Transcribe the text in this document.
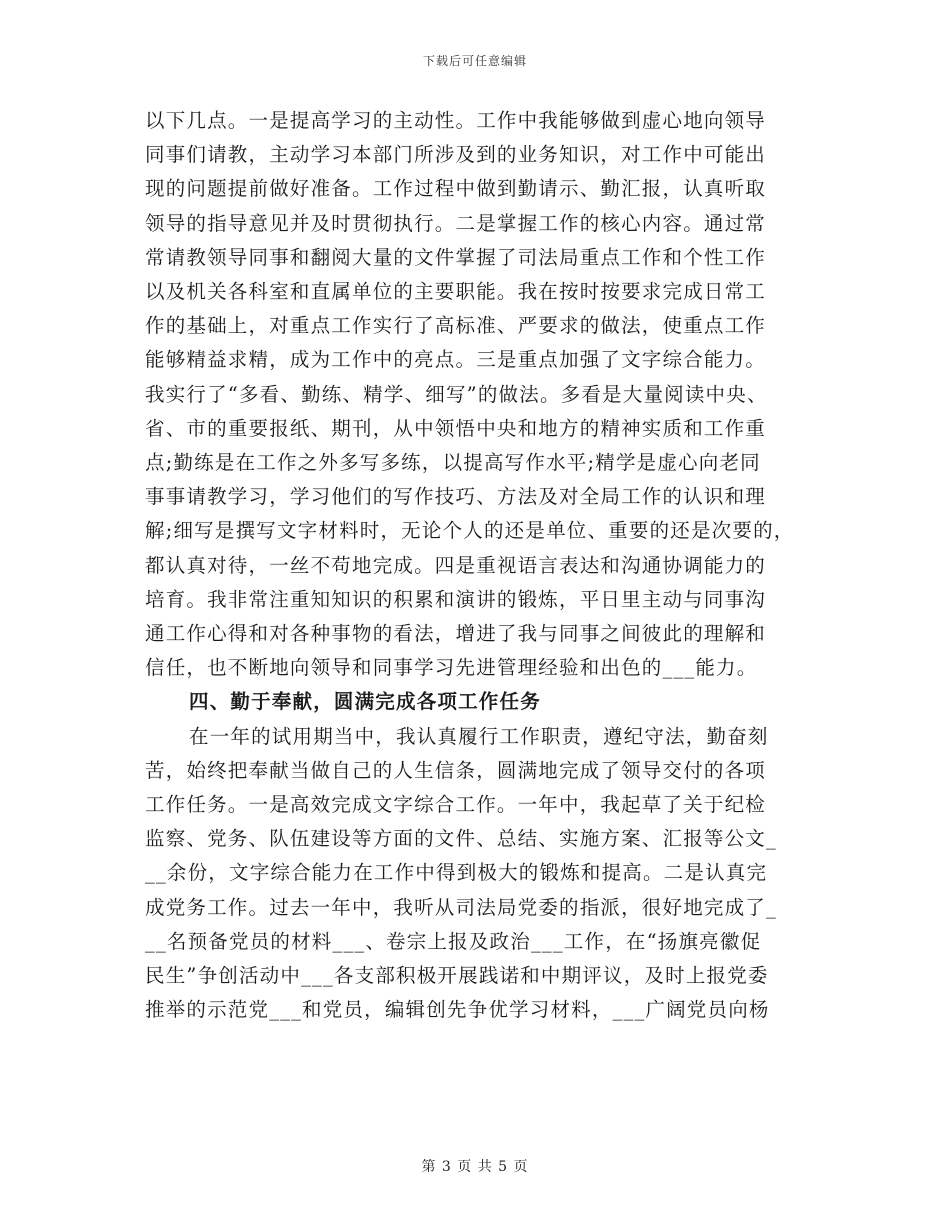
下载后可任意编辑

以下几点。一是提高学习的主动性。工作中我能够做到虚心地向领导
同事们请教，主动学习本部门所涉及到的业务知识，对工作中可能出
现的问题提前做好准备。工作过程中做到勤请示、勤汇报，认真听取
领导的指导意见并及时贯彻执行。二是掌握工作的核心内容。通过常
常请教领导同事和翻阅大量的文件掌握了司法局重点工作和个性工作
以及机关各科室和直属单位的主要职能。我在按时按要求完成日常工
作的基础上，对重点工作实行了高标准、严要求的做法，使重点工作
能够精益求精，成为工作中的亮点。三是重点加强了文字综合能力。
我实行了“多看、勤练、精学、细写”的做法。多看是大量阅读中央、
省、市的重要报纸、期刊，从中领悟中央和地方的精神实质和工作重
点;勤练是在工作之外多写多练，以提高写作水平;精学是虚心向老同
事事请教学习，学习他们的写作技巧、方法及对全局工作的认识和理
解;细写是撰写文字材料时，无论个人的还是单位、重要的还是次要的，
都认真对待，一丝不苟地完成。四是重视语言表达和沟通协调能力的
培育。我非常注重知知识的积累和演讲的锻炼，平日里主动与同事沟
通工作心得和对各种事物的看法，增进了我与同事之间彼此的理解和
信任，也不断地向领导和同事学习先进管理经验和出色的___能力。

四、勤于奉献，圆满完成各项工作任务

在一年的试用期当中，我认真履行工作职责，遵纪守法，勤奋刻
苦，始终把奉献当做自己的人生信条，圆满地完成了领导交付的各项
工作任务。一是高效完成文字综合工作。一年中，我起草了关于纪检
监察、党务、队伍建设等方面的文件、总结、实施方案、汇报等公文_
__余份，文字综合能力在工作中得到极大的锻炼和提高。二是认真完
成党务工作。过去一年中，我听从司法局党委的指派，很好地完成了_
__名预备党员的材料___、卷宗上报及政治___工作，在“扬旗亮徽促
民生”争创活动中___各支部积极开展践诺和中期评议，及时上报党委
推举的示范党___和党员，编辑创先争优学习材料，___广阔党员向杨

第 3 页 共 5 页
